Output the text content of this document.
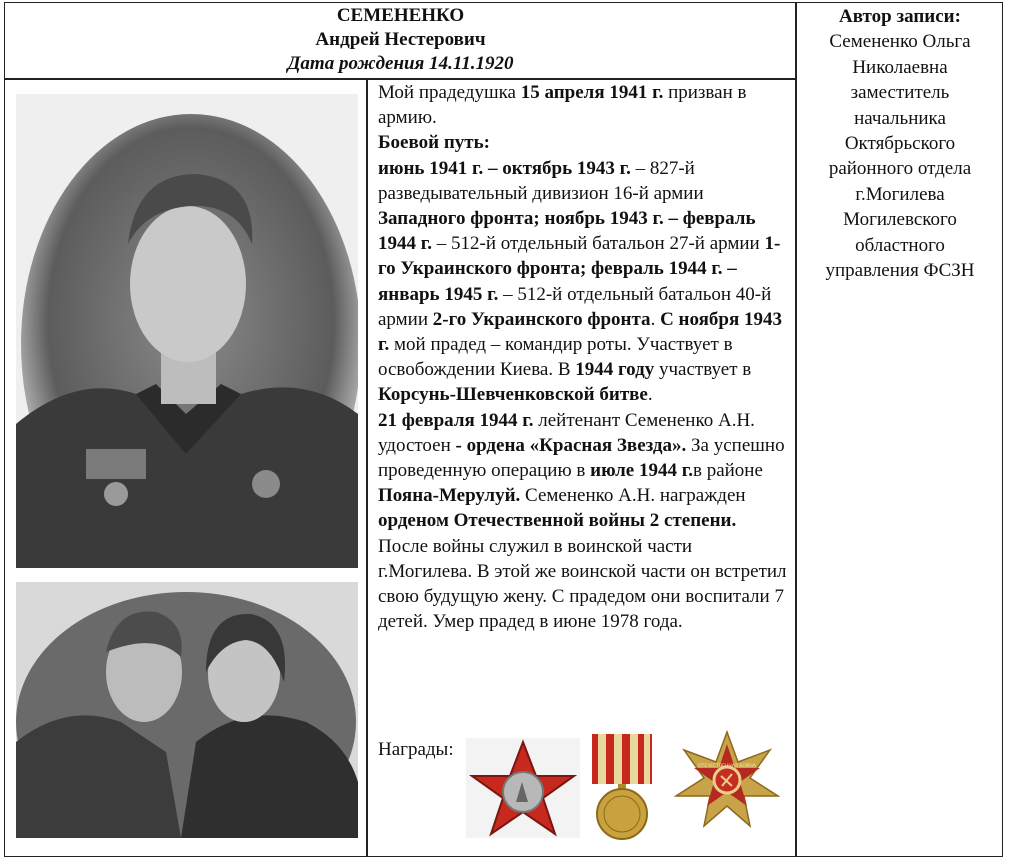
СЕМЕНЕНКО
Андрей Нестерович
Дата рождения 14.11.1920
Автор записи:
Семененко Ольга
Николаевна
заместитель
начальника
Октябрьского
районного отдела
г.Могилева
Могилевского
областного
управления ФСЗН
Мой прадедушка 15 апреля 1941 г. призван в армию.
Боевой путь:
июнь 1941 г. – октябрь 1943 г. – 827-й разведывательный дивизион 16-й армии Западного фронта; ноябрь 1943 г. – февраль 1944 г. – 512-й отдельный батальон 27-й армии 1-го Украинского фронта; февраль 1944 г. – январь 1945 г. – 512-й отдельный батальон 40-й армии 2-го Украинского фронта. С ноября 1943 г. мой прадед – командир роты. Участвует в освобождении Киева. В 1944 году участвует в Корсунь-Шевченковской битве.
21 февраля 1944 г. лейтенант Семененко А.Н. удостоен - ордена «Красная Звезда». За успешно проведенную операцию в июле 1944 г.в районе Пояна-Мерулуй. Семененко А.Н. награжден орденом Отечественной войны 2 степени.
После войны служил в воинской части г.Могилева. В этой же воинской части он встретил свою будущую жену. С прадедом они воспитали 7 детей. Умер прадед в июне 1978 года.
Награды:
ОТЕЧЕСТВЕННАЯ ВОЙНА
